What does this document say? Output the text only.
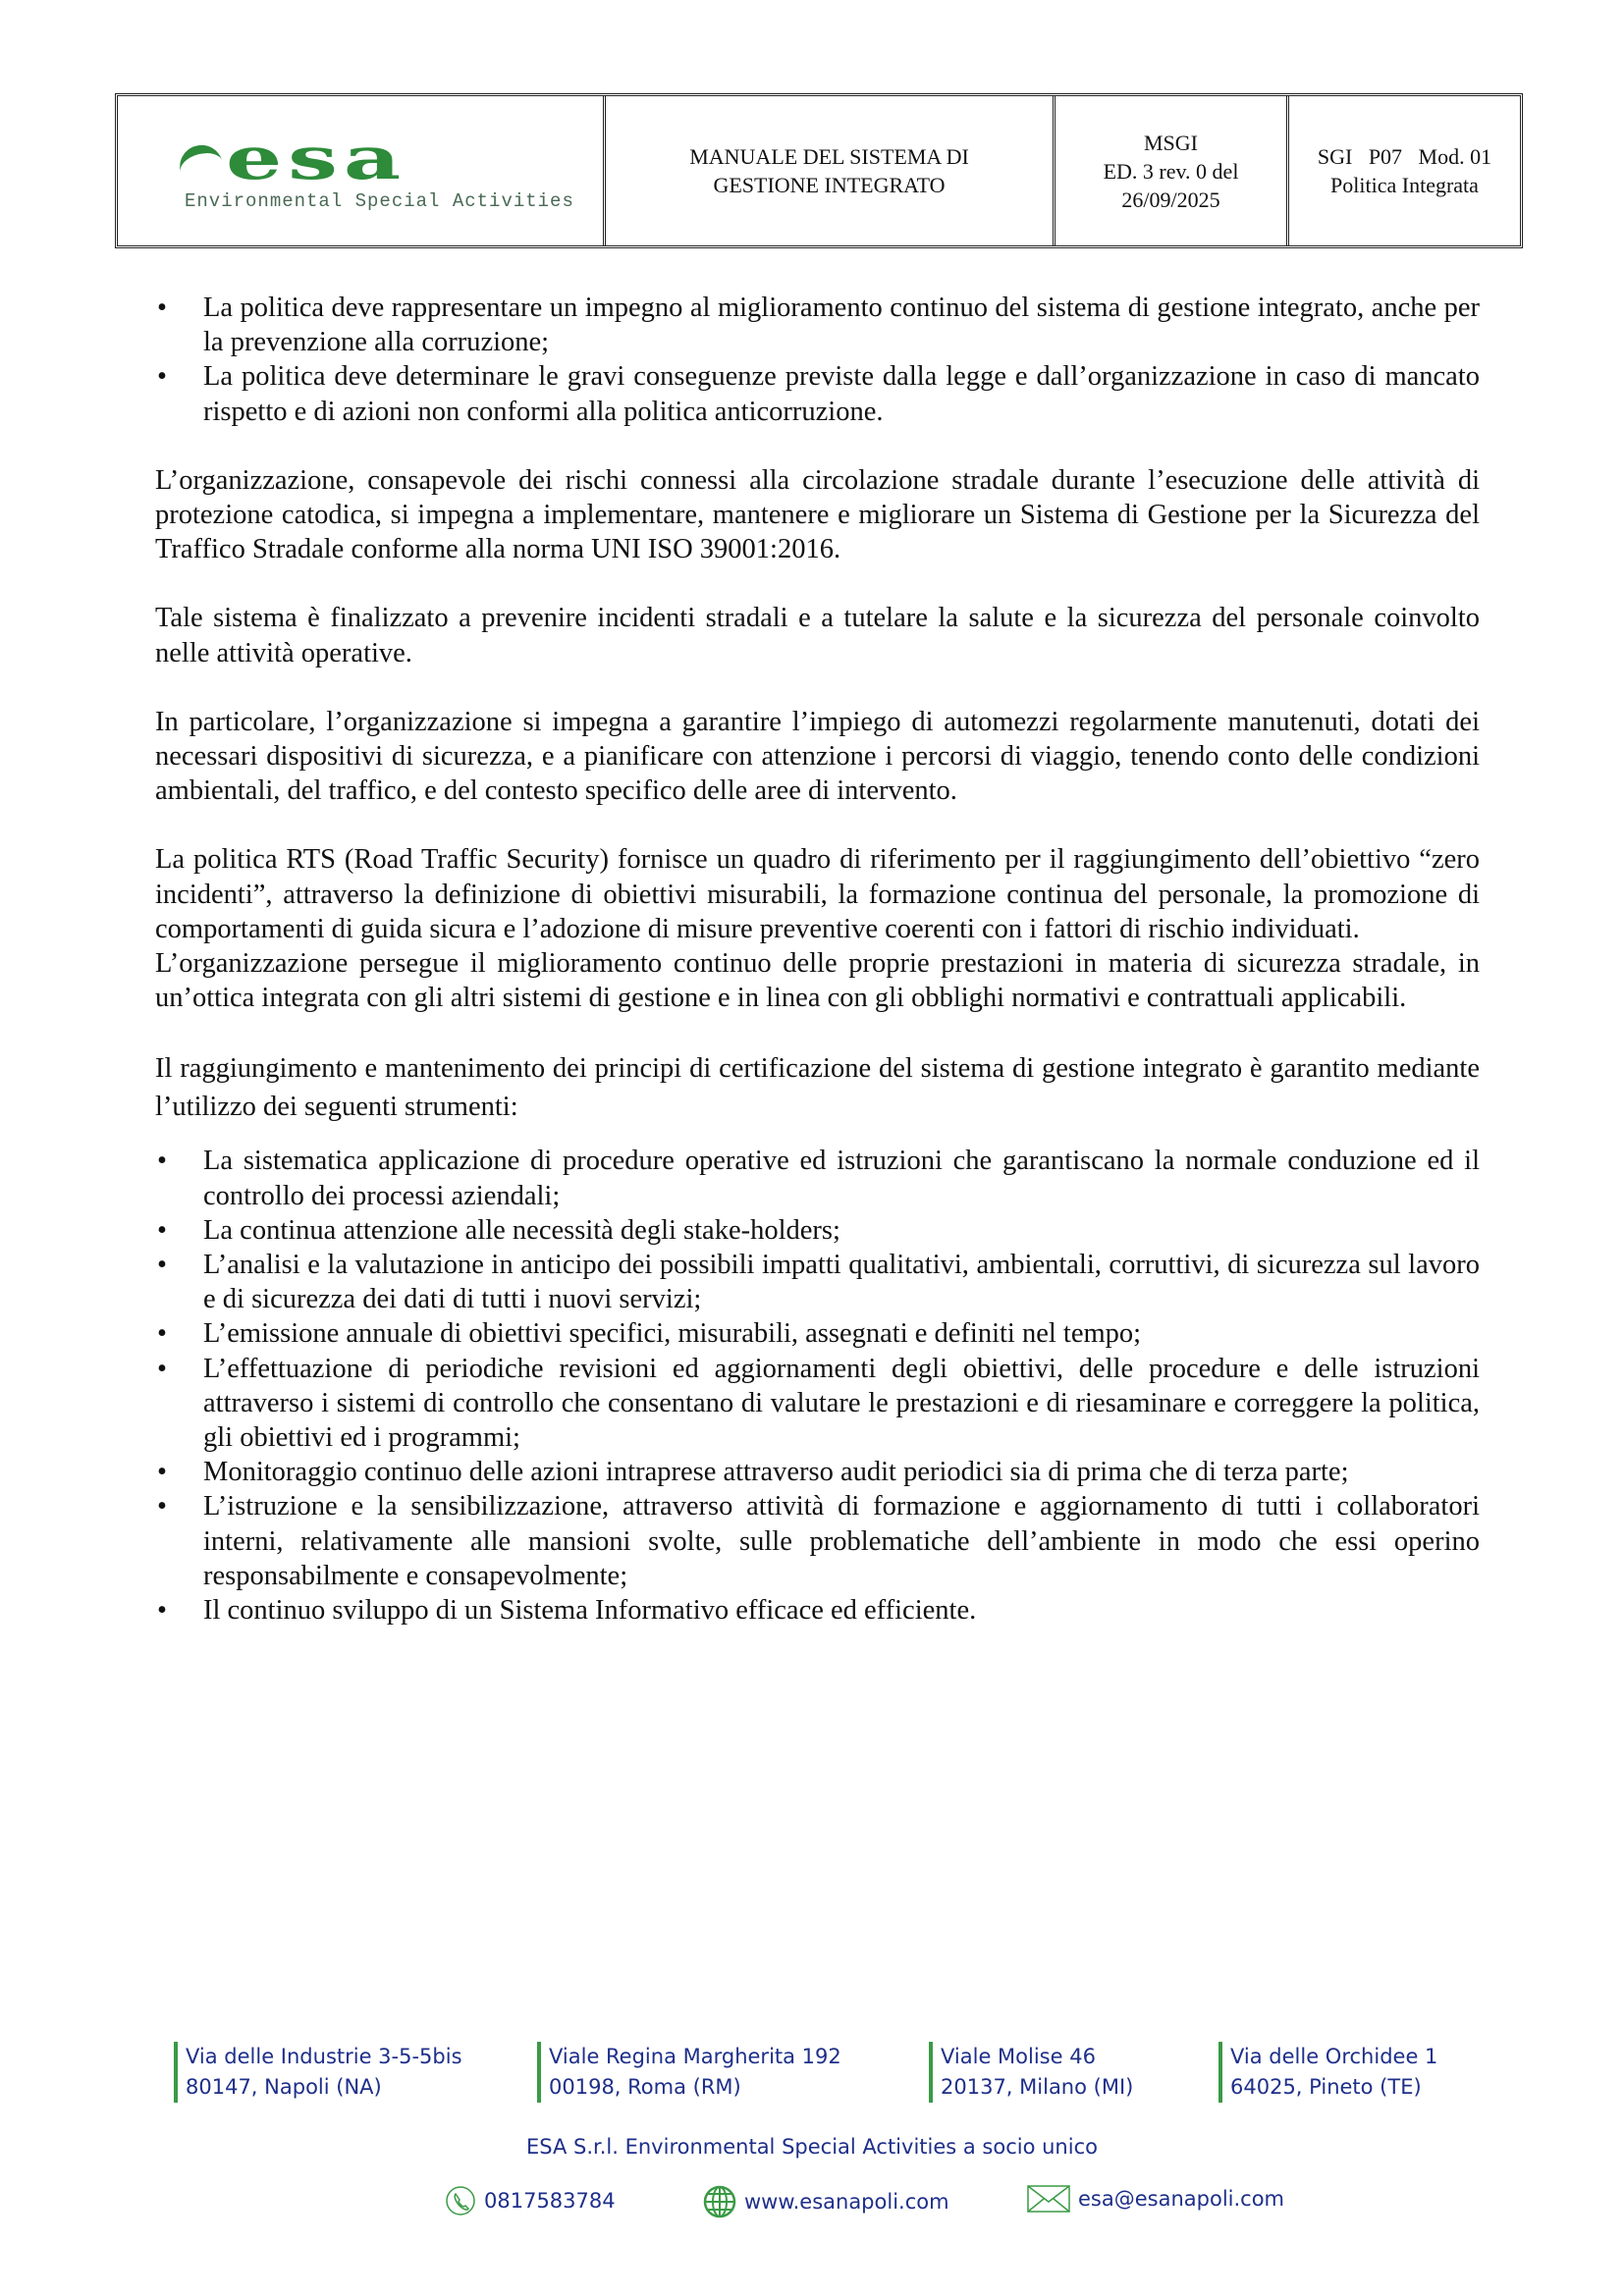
esa
Environmental Special Activities
MANUALE DEL SISTEMA DI
GESTIONE INTEGRATO
MSGI
ED. 3 rev. 0 del
26/09/2025
SGI   P07   Mod. 01
Politica Integrata
• La politica deve rappresentare un impegno al miglioramento continuo del sistema di gestione integrato, anche per la prevenzione alla corruzione;
• La politica deve determinare le gravi conseguenze previste dalla legge e dall’organizzazione in caso di mancato rispetto e di azioni non conformi alla politica anticorruzione.

L’organizzazione, consapevole dei rischi connessi alla circolazione stradale durante l’esecuzione delle attività di protezione catodica, si impegna a implementare, mantenere e migliorare un Sistema di Gestione per la Sicurezza del Traffico Stradale conforme alla norma UNI ISO 39001:2016.

Tale sistema è finalizzato a prevenire incidenti stradali e a tutelare la salute e la sicurezza del personale coinvolto nelle attività operative.

In particolare, l’organizzazione si impegna a garantire l’impiego di automezzi regolarmente manutenuti, dotati dei necessari dispositivi di sicurezza, e a pianificare con attenzione i percorsi di viaggio, tenendo conto delle condizioni ambientali, del traffico, e del contesto specifico delle aree di intervento.

La politica RTS (Road Traffic Security) fornisce un quadro di riferimento per il raggiungimento dell’obiettivo “zero incidenti”, attraverso la definizione di obiettivi misurabili, la formazione continua del personale, la promozione di comportamenti di guida sicura e l’adozione di misure preventive coerenti con i fattori di rischio individuati.

L’organizzazione persegue il miglioramento continuo delle proprie prestazioni in materia di sicurezza stradale, in un’ottica integrata con gli altri sistemi di gestione e in linea con gli obblighi normativi e contrattuali applicabili.

Il raggiungimento e mantenimento dei principi di certificazione del sistema di gestione integrato è garantito mediante l’utilizzo dei seguenti strumenti:

• La sistematica applicazione di procedure operative ed istruzioni che garantiscano la normale conduzione ed il controllo dei processi aziendali;
• La continua attenzione alle necessità degli stake-holders;
• L’analisi e la valutazione in anticipo dei possibili impatti qualitativi, ambientali, corruttivi, di sicurezza sul lavoro e di sicurezza dei dati di tutti i nuovi servizi;
• L’emissione annuale di obiettivi specifici, misurabili, assegnati e definiti nel tempo;
• L’effettuazione di periodiche revisioni ed aggiornamenti degli obiettivi, delle procedure e delle istruzioni attraverso i sistemi di controllo che consentano di valutare le prestazioni e di riesaminare e correggere la politica, gli obiettivi ed i programmi;
• Monitoraggio continuo delle azioni intraprese attraverso audit periodici sia di prima che di terza parte;
• L’istruzione e la sensibilizzazione, attraverso attività di formazione e aggiornamento di tutti i collaboratori interni, relativamente alle mansioni svolte, sulle problematiche dell’ambiente in modo che essi operino responsabilmente e consapevolmente;
• Il continuo sviluppo di un Sistema Informativo efficace ed efficiente.
Via delle Industrie 3-5-5bis
80147, Napoli (NA)
Viale Regina Margherita 192
00198, Roma (RM)
Viale Molise 46
20137, Milano (MI)
Via delle Orchidee 1
64025, Pineto (TE)
ESA S.r.l. Environmental Special Activities a socio unico
0817583784	www.esanapoli.com	esa@esanapoli.com
